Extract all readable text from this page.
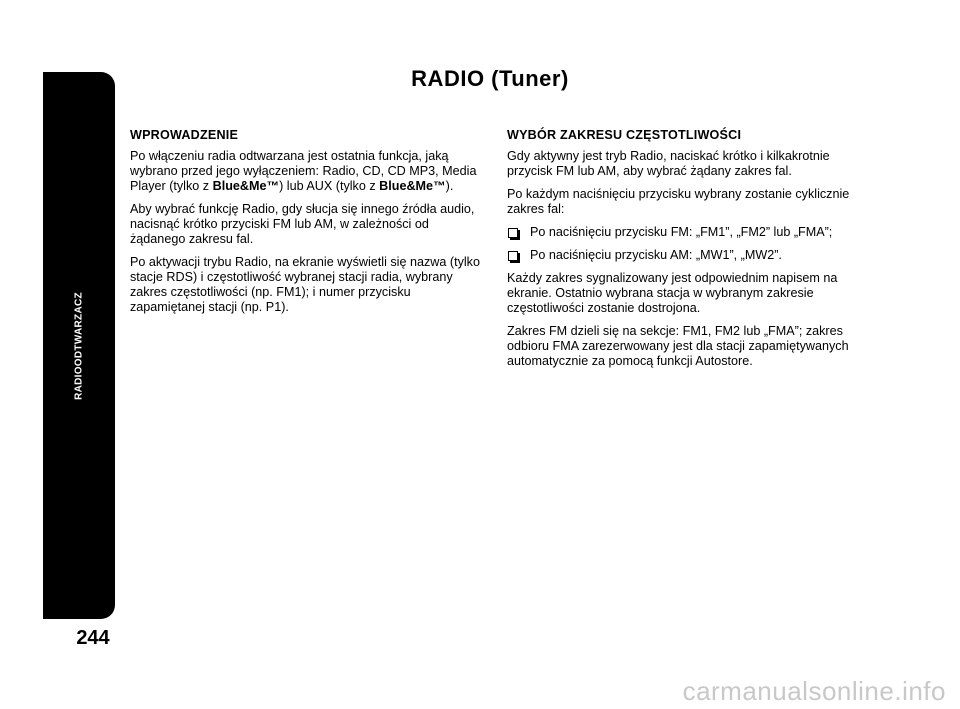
RADIOODTWARZACZ
244
RADIO (Tuner)
WPROWADZENIE

Po włączeniu radia odtwarzana jest ostatnia funkcja, jaką wybrano przed jego wyłączeniem: Radio, CD, CD MP3, Media Player (tylko z Blue&Me™) lub AUX (tylko z Blue&Me™).

Aby wybrać funkcję Radio, gdy słucja się innego źródła audio, nacisnąć krótko przyciski FM lub AM, w zależności od żądanego zakresu fal.

Po aktywacji trybu Radio, na ekranie wyświetli się nazwa (tylko stacje RDS) i częstotliwość wybranej stacji radia, wybrany zakres częstotliwości (np. FM1); i numer przycisku zapamiętanej stacji (np. P1).

WYBÓR ZAKRESU CZĘSTOTLIWOŚCI

Gdy aktywny jest tryb Radio, naciskać krótko i kilkakrotnie przycisk FM lub AM, aby wybrać żądany zakres fal.

Po każdym naciśnięciu przycisku wybrany zostanie cyklicznie zakres fal:

Po naciśnięciu przycisku FM: „FM1”, „FM2” lub „FMA”;
Po naciśnięciu przycisku AM: „MW1”, „MW2”.

Każdy zakres sygnalizowany jest odpowiednim napisem na ekranie. Ostatnio wybrana stacja w wybranym zakresie częstotliwości zostanie dostrojona.

Zakres FM dzieli się na sekcje: FM1, FM2 lub „FMA”; zakres odbioru FMA zarezerwowany jest dla stacji zapamiętywanych automatycznie za pomocą funkcji Autostore.

carmanualsonline.info
